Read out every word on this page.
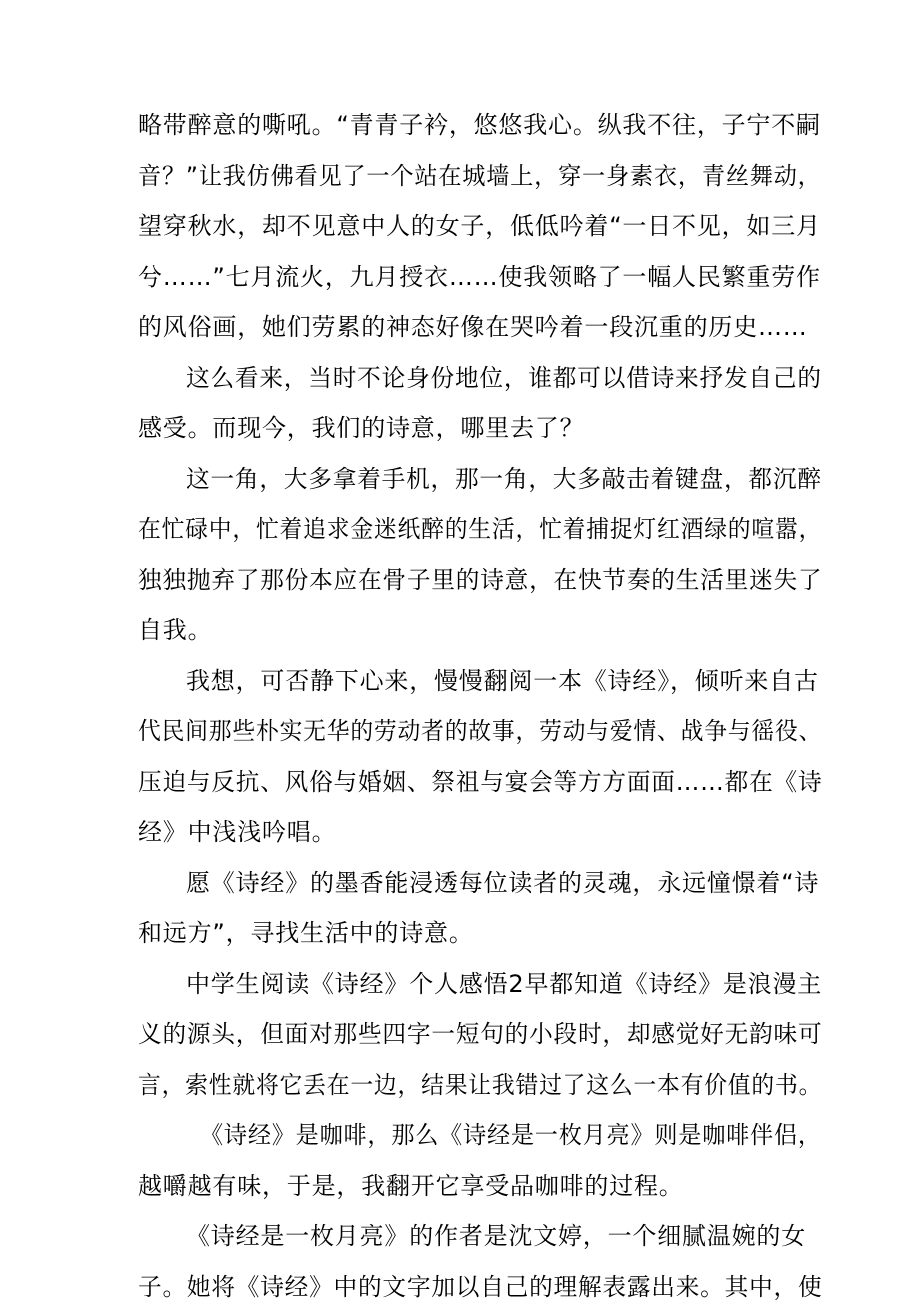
略带醉意的嘶吼。“青青子衿，悠悠我心。纵我不往，子宁不嗣
音？”让我仿佛看见了一个站在城墙上，穿一身素衣，青丝舞动，
望穿秋水，却不见意中人的女子，低低吟着“一日不见，如三月
兮……”七月流火，九月授衣……使我领略了一幅人民繁重劳作
的风俗画，她们劳累的神态好像在哭吟着一段沉重的历史……
这么看来，当时不论身份地位，谁都可以借诗来抒发自己的
感受。而现今，我们的诗意，哪里去了？
这一角，大多拿着手机，那一角，大多敲击着键盘，都沉醉
在忙碌中，忙着追求金迷纸醉的生活，忙着捕捉灯红酒绿的喧嚣，
独独抛弃了那份本应在骨子里的诗意，在快节奏的生活里迷失了
自我。
我想，可否静下心来，慢慢翻阅一本《诗经》，倾听来自古
代民间那些朴实无华的劳动者的故事，劳动与爱情、战争与徭役、
压迫与反抗、风俗与婚姻、祭祖与宴会等方方面面……都在《诗
经》中浅浅吟唱。
愿《诗经》的墨香能浸透每位读者的灵魂，永远憧憬着“诗
和远方”，寻找生活中的诗意。
中学生阅读《诗经》个人感悟2早都知道《诗经》是浪漫主
义的源头，但面对那些四字一短句的小段时，却感觉好无韵味可
言，索性就将它丢在一边，结果让我错过了这么一本有价值的书。
《诗经》是咖啡，那么《诗经是一枚月亮》则是咖啡伴侣，
越嚼越有味，于是，我翻开它享受品咖啡的过程。
《诗经是一枚月亮》的作者是沈文婷，一个细腻温婉的女
子。她将《诗经》中的文字加以自己的理解表露出来。其中，使
